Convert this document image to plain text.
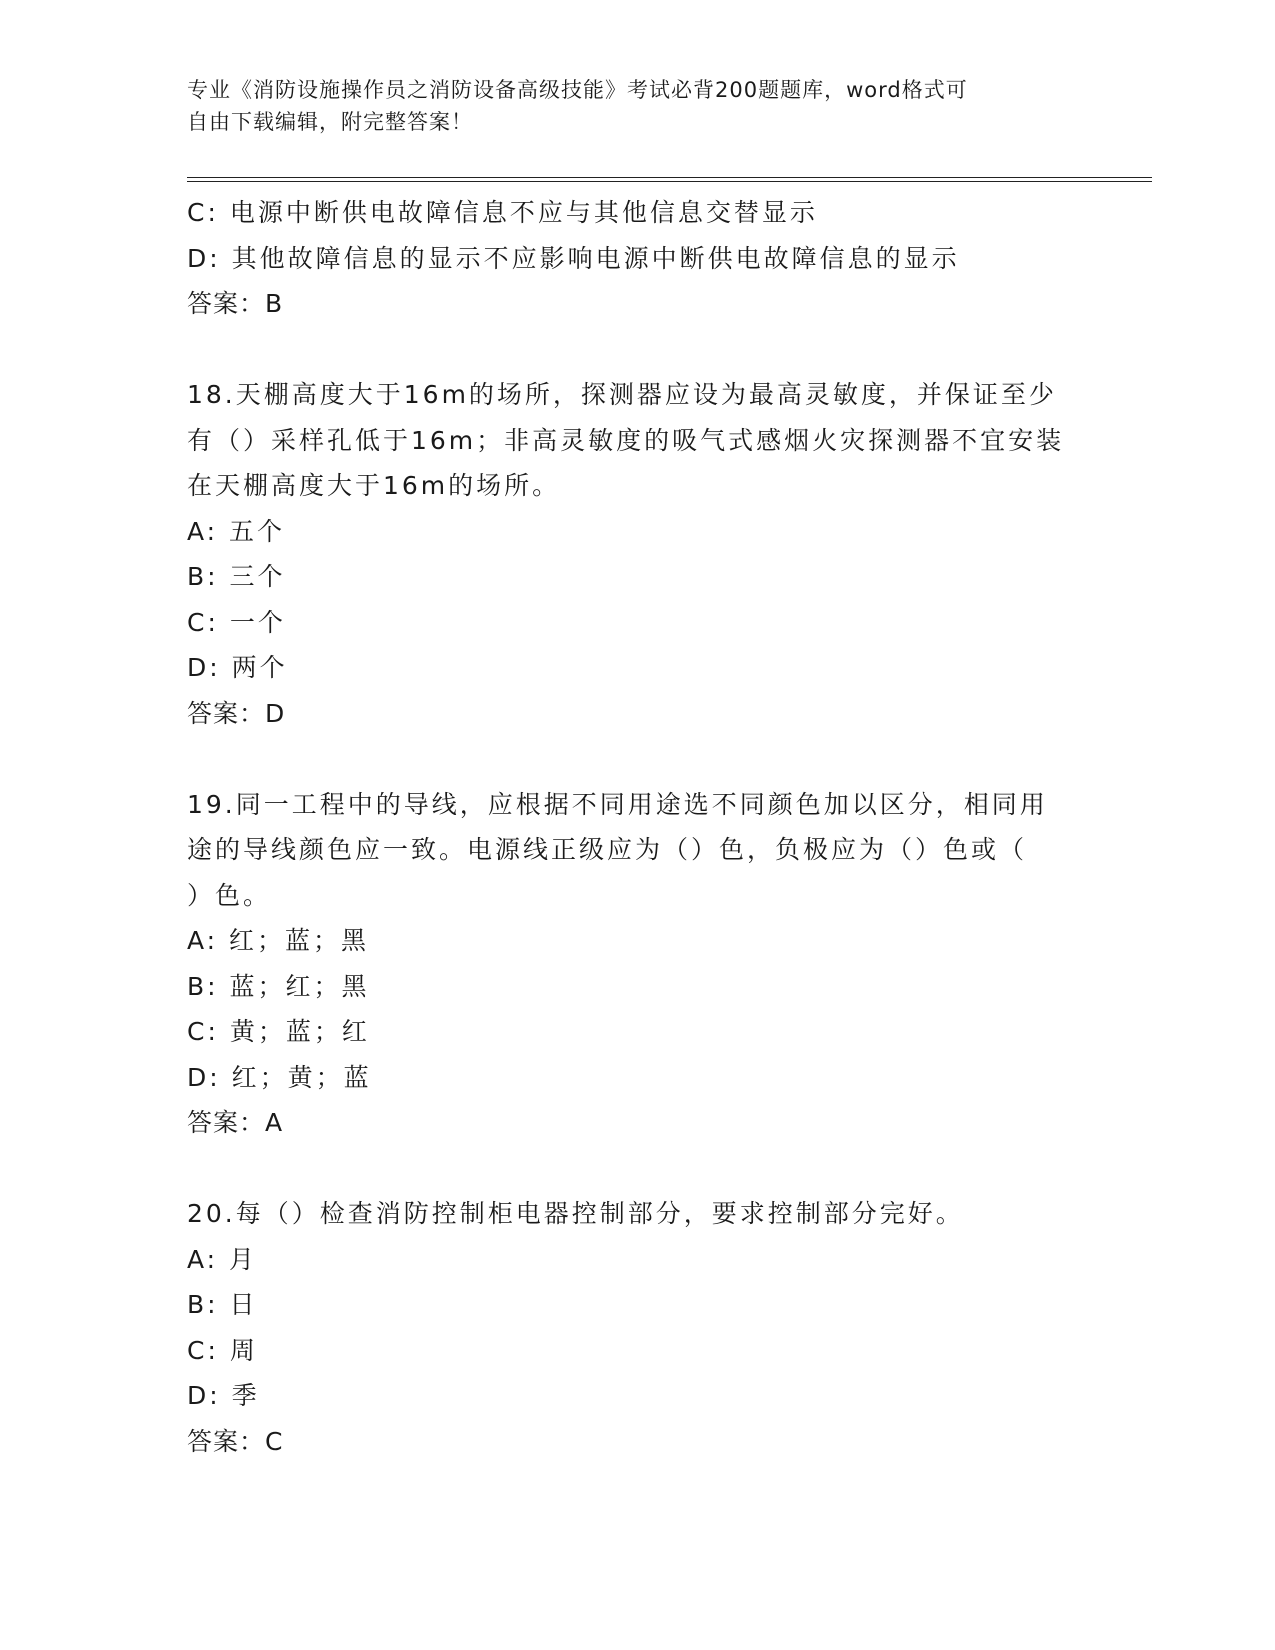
专业《消防设施操作员之消防设备高级技能》考试必背200题题库，word格式可
自由下载编辑，附完整答案！
C: 电源中断供电故障信息不应与其他信息交替显示
D: 其他故障信息的显示不应影响电源中断供电故障信息的显示
答案：B
18.天棚高度大于16m的场所，探测器应设为最高灵敏度，并保证至少
有（）采样孔低于16m；非高灵敏度的吸气式感烟火灾探测器不宜安装
在天棚高度大于16m的场所。
A: 五个
B: 三个
C: 一个
D: 两个
答案：D
19.同一工程中的导线，应根据不同用途选不同颜色加以区分，相同用
途的导线颜色应一致。电源线正级应为（）色，负极应为（）色或（
）色。
A: 红；蓝；黑
B: 蓝；红；黑
C: 黄；蓝；红
D: 红；黄；蓝
答案：A
20.每（）检查消防控制柜电器控制部分，要求控制部分完好。
A: 月
B: 日
C: 周
D: 季
答案：C
